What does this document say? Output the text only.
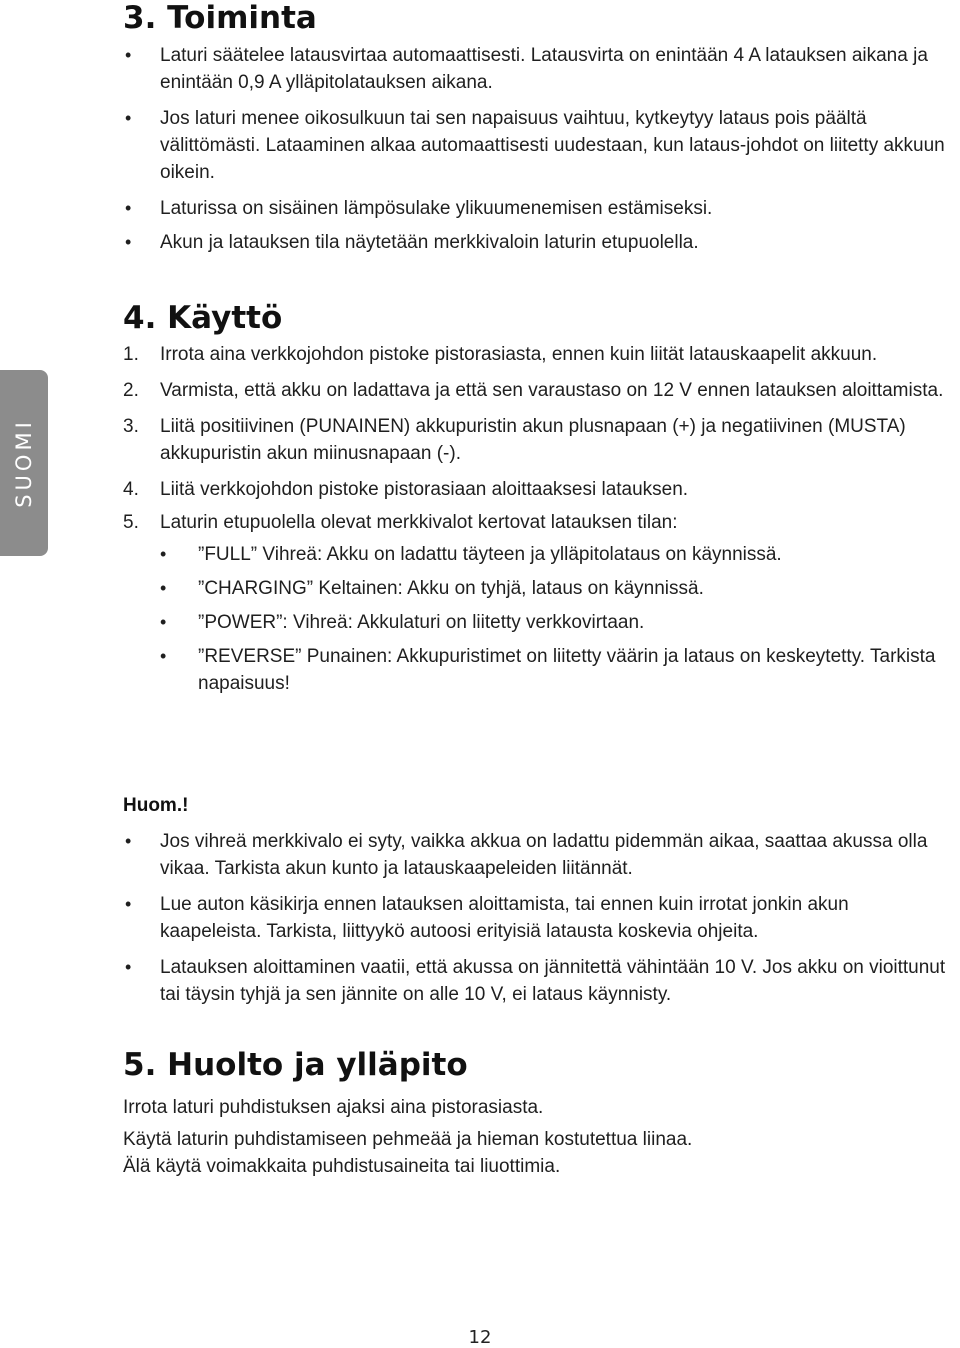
SUOMI
3. Toiminta
• Laturi säätelee latausvirtaa automaattisesti. Latausvirta on enintään 4 A latauksen aikana ja enintään 0,9 A ylläpitolatauksen aikana.
• Jos laturi menee oikosulkuun tai sen napaisuus vaihtuu, kytkeytyy lataus pois päältä välittömästi. Lataaminen alkaa automaattisesti uudestaan, kun lataus-johdot on liitetty akkuun oikein.
• Laturissa on sisäinen lämpösulake ylikuumenemisen estämiseksi.
• Akun ja latauksen tila näytetään merkkivaloin laturin etupuolella.
4. Käyttö
1. Irrota aina verkkojohdon pistoke pistorasiasta, ennen kuin liität latauskaapelit akkuun.
2. Varmista, että akku on ladattava ja että sen varaustaso on 12 V ennen latauksen aloittamista.
3. Liitä positiivinen (PUNAINEN) akkupuristin akun plusnapaan (+) ja negatiivinen (MUSTA) akkupuristin akun miinusnapaan (-).
4. Liitä verkkojohdon pistoke pistorasiaan aloittaaksesi latauksen.
5. Laturin etupuolella olevat merkkivalot kertovat latauksen tilan:
• ”FULL” Vihreä: Akku on ladattu täyteen ja ylläpitolataus on käynnissä.
• ”CHARGING” Keltainen: Akku on tyhjä, lataus on käynnissä.
• ”POWER”: Vihreä: Akkulaturi on liitetty verkkovirtaan.
• ”REVERSE” Punainen: Akkupuristimet on liitetty väärin ja lataus on keskeytetty. Tarkista napaisuus!

Huom.!

• Jos vihreä merkkivalo ei syty, vaikka akkua on ladattu pidemmän aikaa, saattaa akussa olla vikaa. Tarkista akun kunto ja latauskaapeleiden liitännät.
• Lue auton käsikirja ennen latauksen aloittamista, tai ennen kuin irrotat jonkin akun kaapeleista. Tarkista, liittyykö autoosi erityisiä latausta koskevia ohjeita.
• Latauksen aloittaminen vaatii, että akussa on jännitettä vähintään 10 V. Jos akku on vioittunut tai täysin tyhjä ja sen jännite on alle 10 V, ei lataus käynnisty.
5. Huolto ja ylläpito

Irrota laturi puhdistuksen ajaksi aina pistorasiasta.

Käytä laturin puhdistamiseen pehmeää ja hieman kostutettua liinaa.

Älä käytä voimakkaita puhdistusaineita tai liuottimia.

12
